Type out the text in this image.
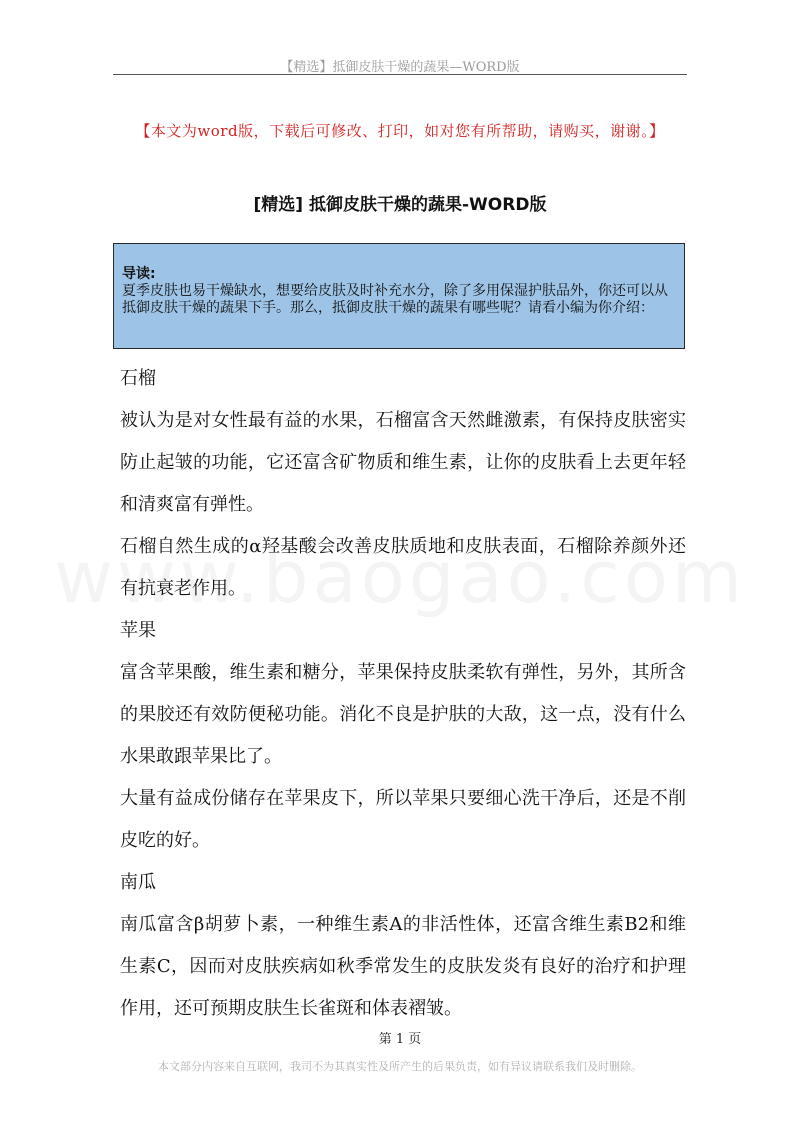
【精选】抵御皮肤干燥的蔬果—WORD版
【本文为word版，下载后可修改、打印，如对您有所帮助，请购买，谢谢。】
[精选] 抵御皮肤干燥的蔬果-WORD版
导读:
夏季皮肤也易干燥缺水，想要给皮肤及时补充水分，除了多用保湿护肤品外，你还可以从抵御皮肤干燥的蔬果下手。那么，抵御皮肤干燥的蔬果有哪些呢？请看小编为你介绍：

石榴

被认为是对女性最有益的水果，石榴富含天然雌激素，有保持皮肤密实防止起皱的功能，它还富含矿物质和维生素，让你的皮肤看上去更年轻和清爽富有弹性。

石榴自然生成的α羟基酸会改善皮肤质地和皮肤表面，石榴除养颜外还有抗衰老作用。

苹果

富含苹果酸，维生素和糖分，苹果保持皮肤柔软有弹性，另外，其所含的果胶还有效防便秘功能。消化不良是护肤的大敌，这一点，没有什么水果敢跟苹果比了。

大量有益成份储存在苹果皮下，所以苹果只要细心洗干净后，还是不削皮吃的好。

南瓜

南瓜富含β胡萝卜素，一种维生素A的非活性体，还富含维生素B2和维生素C，因而对皮肤疾病如秋季常发生的皮肤发炎有良好的治疗和护理作用，还可预期皮肤生长雀斑和体表褶皱。

第 1 页
本文部分内容来自互联网，我司不为其真实性及所产生的后果负责，如有异议请联系我们及时删除。
